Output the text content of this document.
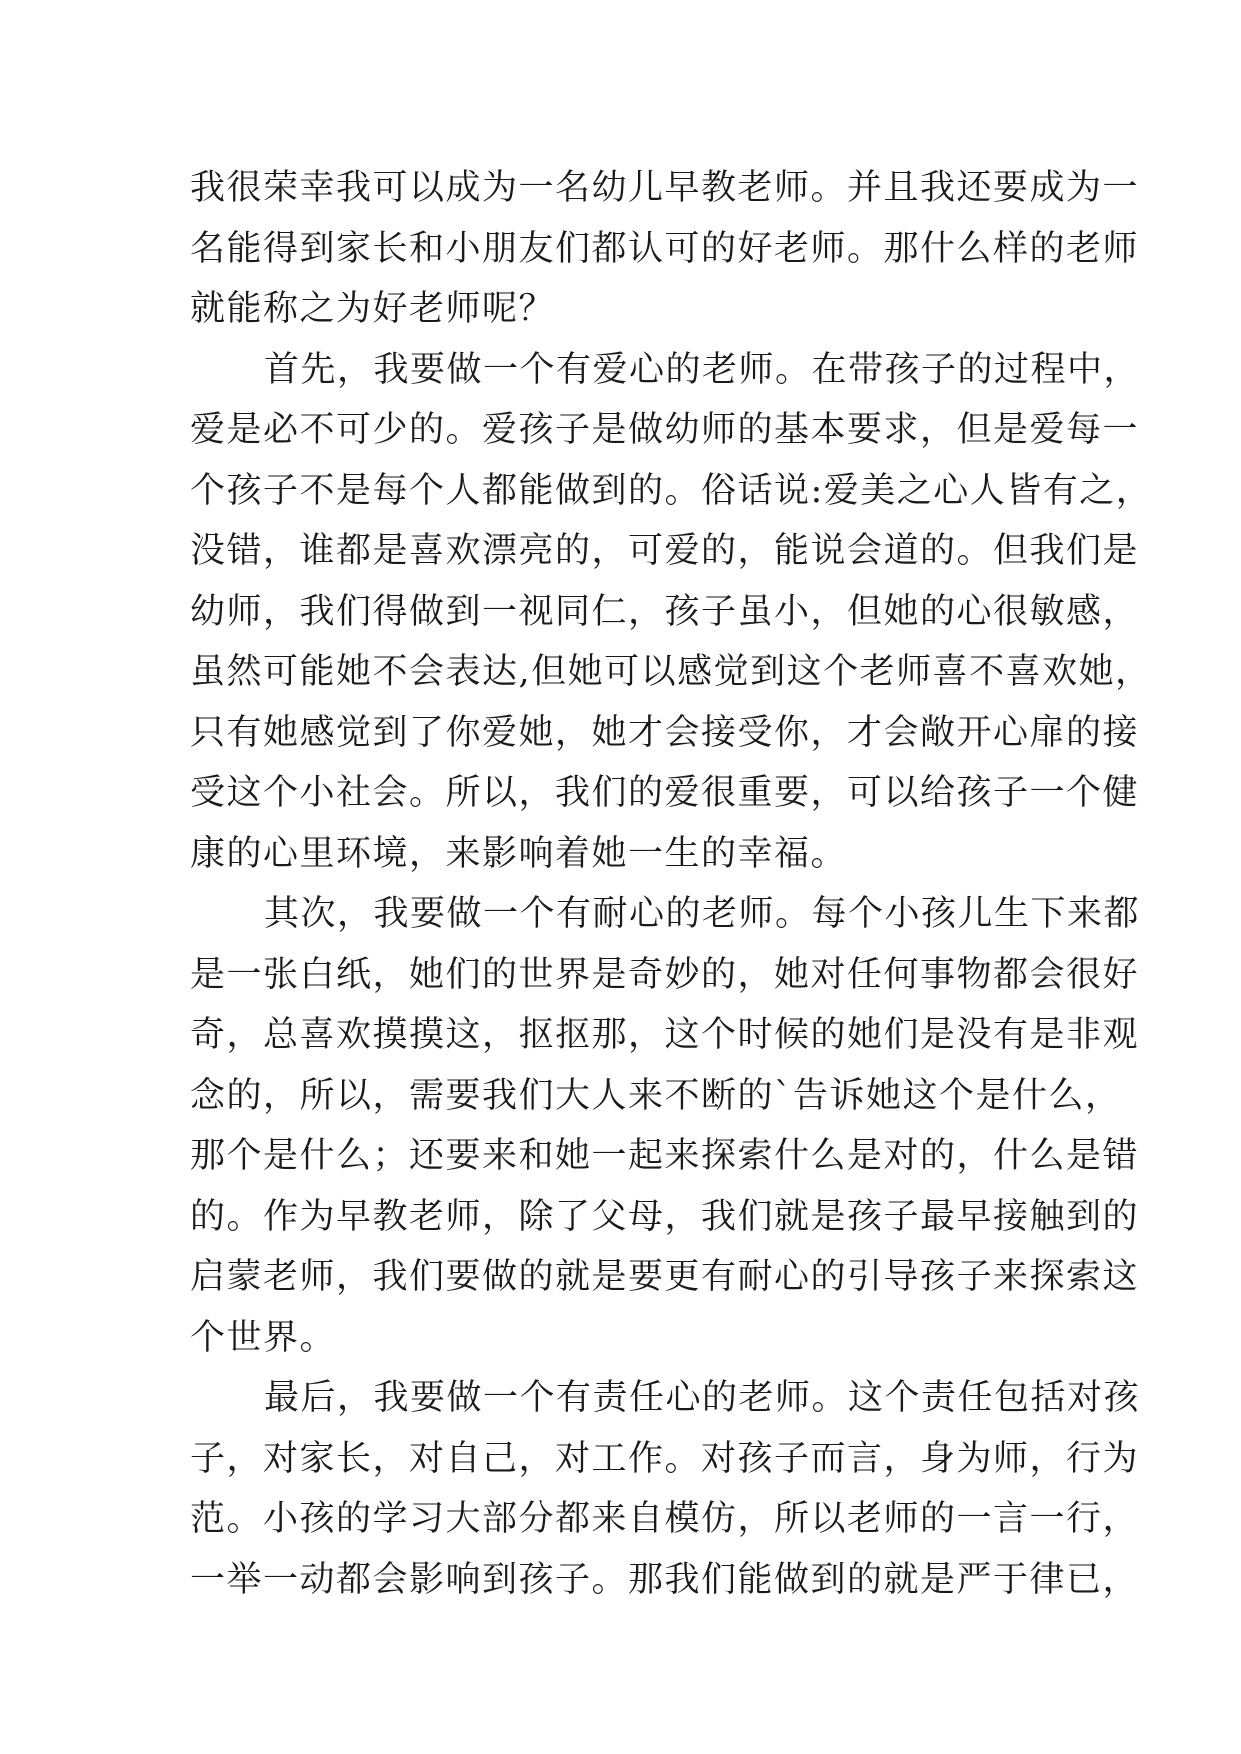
我很荣幸我可以成为一名幼儿早教老师。并且我还要成为一
名能得到家长和小朋友们都认可的好老师。那什么样的老师
就能称之为好老师呢？
首先，我要做一个有爱心的老师。在带孩子的过程中，
爱是必不可少的。爱孩子是做幼师的基本要求，但是爱每一
个孩子不是每个人都能做到的。俗话说:爱美之心人皆有之，
没错，谁都是喜欢漂亮的，可爱的，能说会道的。但我们是
幼师，我们得做到一视同仁，孩子虽小，但她的心很敏感，
虽然可能她不会表达,但她可以感觉到这个老师喜不喜欢她，
只有她感觉到了你爱她，她才会接受你，才会敞开心扉的接
受这个小社会。所以，我们的爱很重要，可以给孩子一个健
康的心里环境，来影响着她一生的幸福。
其次，我要做一个有耐心的老师。每个小孩儿生下来都
是一张白纸，她们的世界是奇妙的，她对任何事物都会很好
奇，总喜欢摸摸这，抠抠那，这个时候的她们是没有是非观
念的，所以，需要我们大人来不断的`告诉她这个是什么，
那个是什么；还要来和她一起来探索什么是对的，什么是错
的。作为早教老师，除了父母，我们就是孩子最早接触到的
启蒙老师，我们要做的就是要更有耐心的引导孩子来探索这
个世界。
最后，我要做一个有责任心的老师。这个责任包括对孩
子，对家长，对自己，对工作。对孩子而言，身为师，行为
范。小孩的学习大部分都来自模仿，所以老师的一言一行，
一举一动都会影响到孩子。那我们能做到的就是严于律已，
